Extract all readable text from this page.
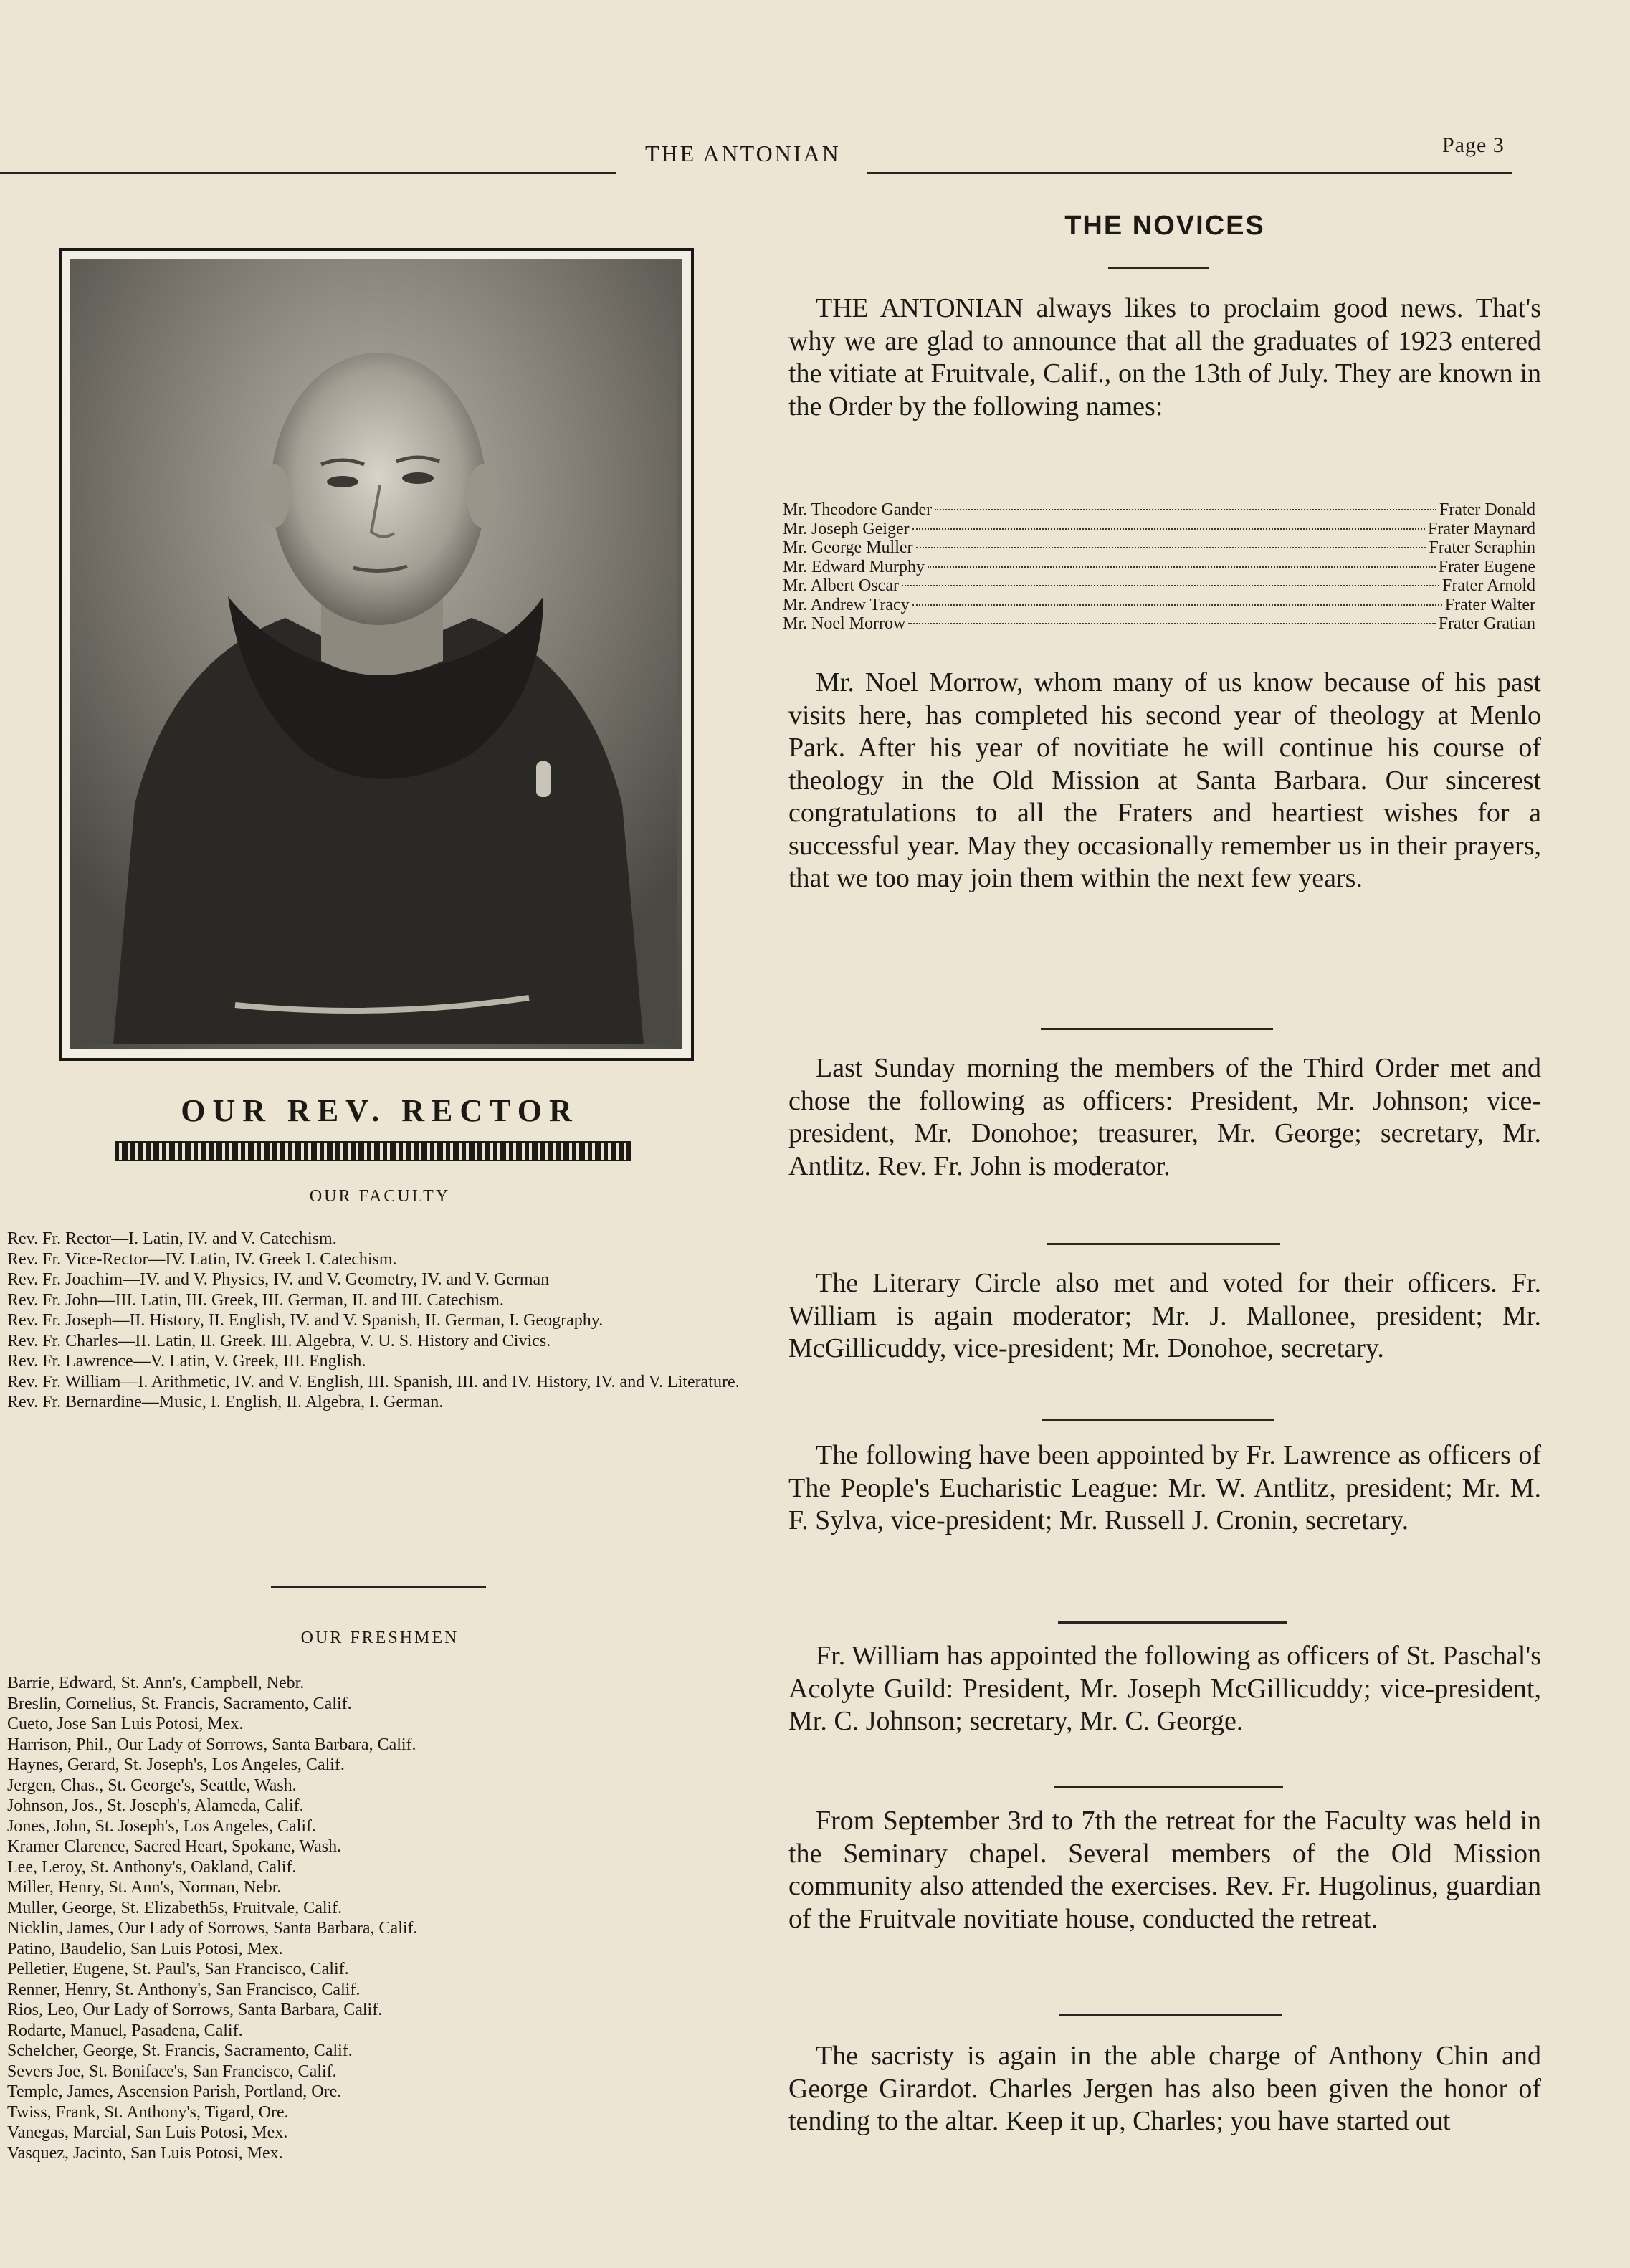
THE ANTONIAN	Page 3
OUR REV. RECTOR
OUR FACULTY
Rev. Fr. Rector—I. Latin, IV. and V. Catechism.
Rev. Fr. Vice-Rector—IV. Latin, IV. Greek I. Catechism.
Rev. Fr. Joachim—IV. and V. Physics, IV. and V. Geometry, IV. and V. German
Rev. Fr. John—III. Latin, III. Greek, III. German, II. and III. Catechism.
Rev. Fr. Joseph—II. History, II. English, IV. and V. Spanish, II. German, I. Geography.
Rev. Fr. Charles—II. Latin, II. Greek. III. Algebra, V. U. S. History and Civics.
Rev. Fr. Lawrence—V. Latin, V. Greek, III. English.
Rev. Fr. William—I. Arithmetic, IV. and V. English, III. Spanish, III. and IV. History, IV. and V. Literature.
Rev. Fr. Bernardine—Music, I. English, II. Algebra, I. German.
OUR FRESHMEN
Barrie, Edward, St. Ann's, Campbell, Nebr.
Breslin, Cornelius, St. Francis, Sacramento, Calif.
Cueto, Jose San Luis Potosi, Mex.
Harrison, Phil., Our Lady of Sorrows, Santa Barbara, Calif.
Haynes, Gerard, St. Joseph's, Los Angeles, Calif.
Jergen, Chas., St. George's, Seattle, Wash.
Johnson, Jos., St. Joseph's, Alameda, Calif.
Jones, John, St. Joseph's, Los Angeles, Calif.
Kramer Clarence, Sacred Heart, Spokane, Wash.
Lee, Leroy, St. Anthony's, Oakland, Calif.
Miller, Henry, St. Ann's, Norman, Nebr.
Muller, George, St. Elizabeth5s, Fruitvale, Calif.
Nicklin, James, Our Lady of Sorrows, Santa Barbara, Calif.
Patino, Baudelio, San Luis Potosi, Mex.
Pelletier, Eugene, St. Paul's, San Francisco, Calif.
Renner, Henry, St. Anthony's, San Francisco, Calif.
Rios, Leo, Our Lady of Sorrows, Santa Barbara, Calif.
Rodarte, Manuel, Pasadena, Calif.
Schelcher, George, St. Francis, Sacramento, Calif.
Severs Joe, St. Boniface's, San Francisco, Calif.
Temple, James, Ascension Parish, Portland, Ore.
Twiss, Frank, St. Anthony's, Tigard, Ore.
Vanegas, Marcial, San Luis Potosi, Mex.
Vasquez, Jacinto, San Luis Potosi, Mex.
THE NOVICES
THE ANTONIAN always likes to proclaim good news. That's why we are glad to announce that all the graduates of 1923 entered the vitiate at Fruitvale, Calif., on the 13th of July. They are known in the Order by the following names:
Mr. Theodore Gander	Frater Donald
Mr. Joseph Geiger	Frater Maynard
Mr. George Muller	Frater Seraphin
Mr. Edward Murphy	Frater Eugene
Mr. Albert Oscar	Frater Arnold
Mr. Andrew Tracy	Frater Walter
Mr. Noel Morrow	Frater Gratian
Mr. Noel Morrow, whom many of us know because of his past visits here, has completed his second year of theology at Menlo Park. After his year of novitiate he will continue his course of theology in the Old Mission at Santa Barbara. Our sincerest congratulations to all the Fraters and heartiest wishes for a successful year. May they occasionally remember us in their prayers, that we too may join them within the next few years.
Last Sunday morning the members of the Third Order met and chose the following as officers: President, Mr. Johnson; vice-president, Mr. Donohoe; treasurer, Mr. George; secretary, Mr. Antlitz. Rev. Fr. John is moderator.
The Literary Circle also met and voted for their officers. Fr. William is again moderator; Mr. J. Mallonee, president; Mr. McGillicuddy, vice-president; Mr. Donohoe, secretary.
The following have been appointed by Fr. Lawrence as officers of The People's Eucharistic League: Mr. W. Antlitz, president; Mr. M. F. Sylva, vice-president; Mr. Russell J. Cronin, secretary.
Fr. William has appointed the following as officers of St. Paschal's Acolyte Guild: President, Mr. Joseph McGillicuddy; vice-president, Mr. C. Johnson; secretary, Mr. C. George.
From September 3rd to 7th the retreat for the Faculty was held in the Seminary chapel. Several members of the Old Mission community also attended the exercises. Rev. Fr. Hugolinus, guardian of the Fruitvale novitiate house, conducted the retreat.
The sacristy is again in the able charge of Anthony Chin and George Girardot. Charles Jergen has also been given the honor of tending to the altar. Keep it up, Charles; you have started out
